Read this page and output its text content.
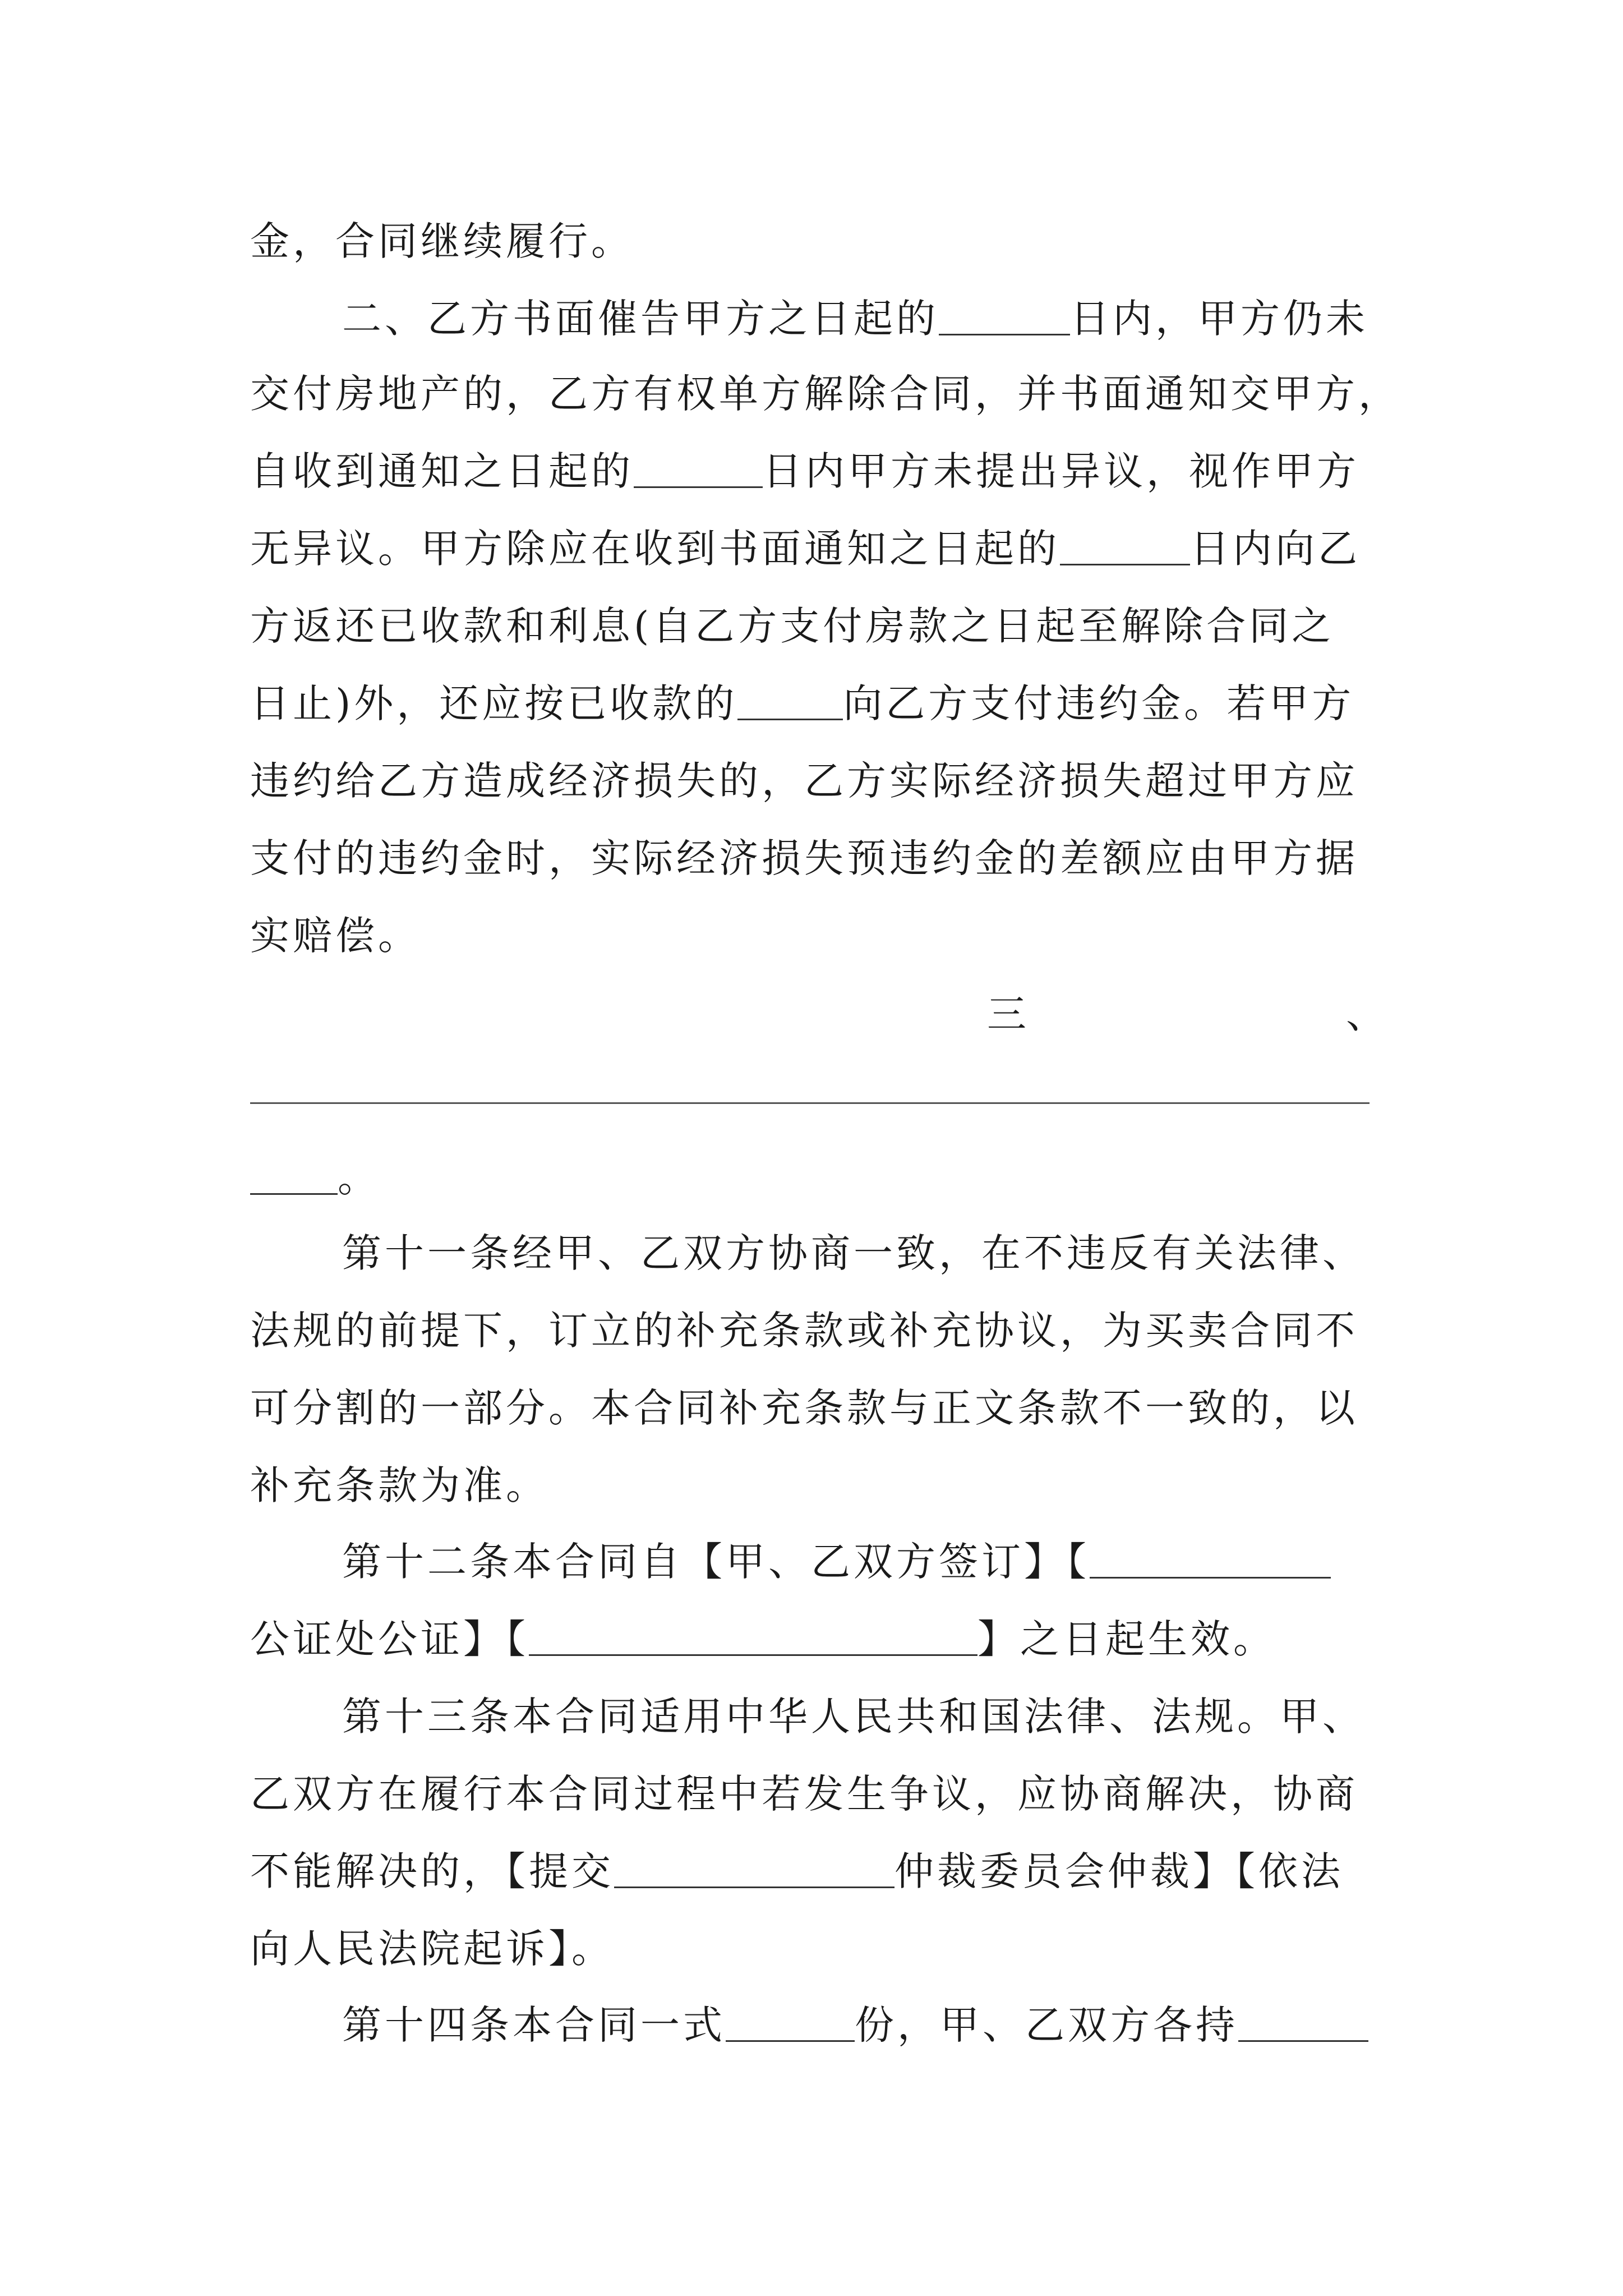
金，合同继续履行。
二、乙方书面催告甲方之日起的	日内，甲方仍未
交付房地产的，乙方有权单方解除合同，并书面通知交甲方，
自收到通知之日起的	日内甲方未提出异议，视作甲方
无异议。甲方除应在收到书面通知之日起的	日内向乙
方返还已收款和利息(自乙方支付房款之日起至解除合同之
日止)外，还应按已收款的	向乙方支付违约金。若甲方
违约给乙方造成经济损失的，乙方实际经济损失超过甲方应
支付的违约金时，实际经济损失预违约金的差额应由甲方据
实赔偿。
三	、
。
第十一条经甲、乙双方协商一致，在不违反有关法律、
法规的前提下，订立的补充条款或补充协议，为买卖合同不
可分割的一部分。本合同补充条款与正文条款不一致的，以
补充条款为准。
第十二条本合同自【甲、乙双方签订】【
公证处公证】【	】之日起生效。
第十三条本合同适用中华人民共和国法律、法规。甲、
乙双方在履行本合同过程中若发生争议，应协商解决，协商
不能解决的，【提交	仲裁委员会仲裁】【依法
向人民法院起诉】。
第十四条本合同一式	份，甲、乙双方各持
